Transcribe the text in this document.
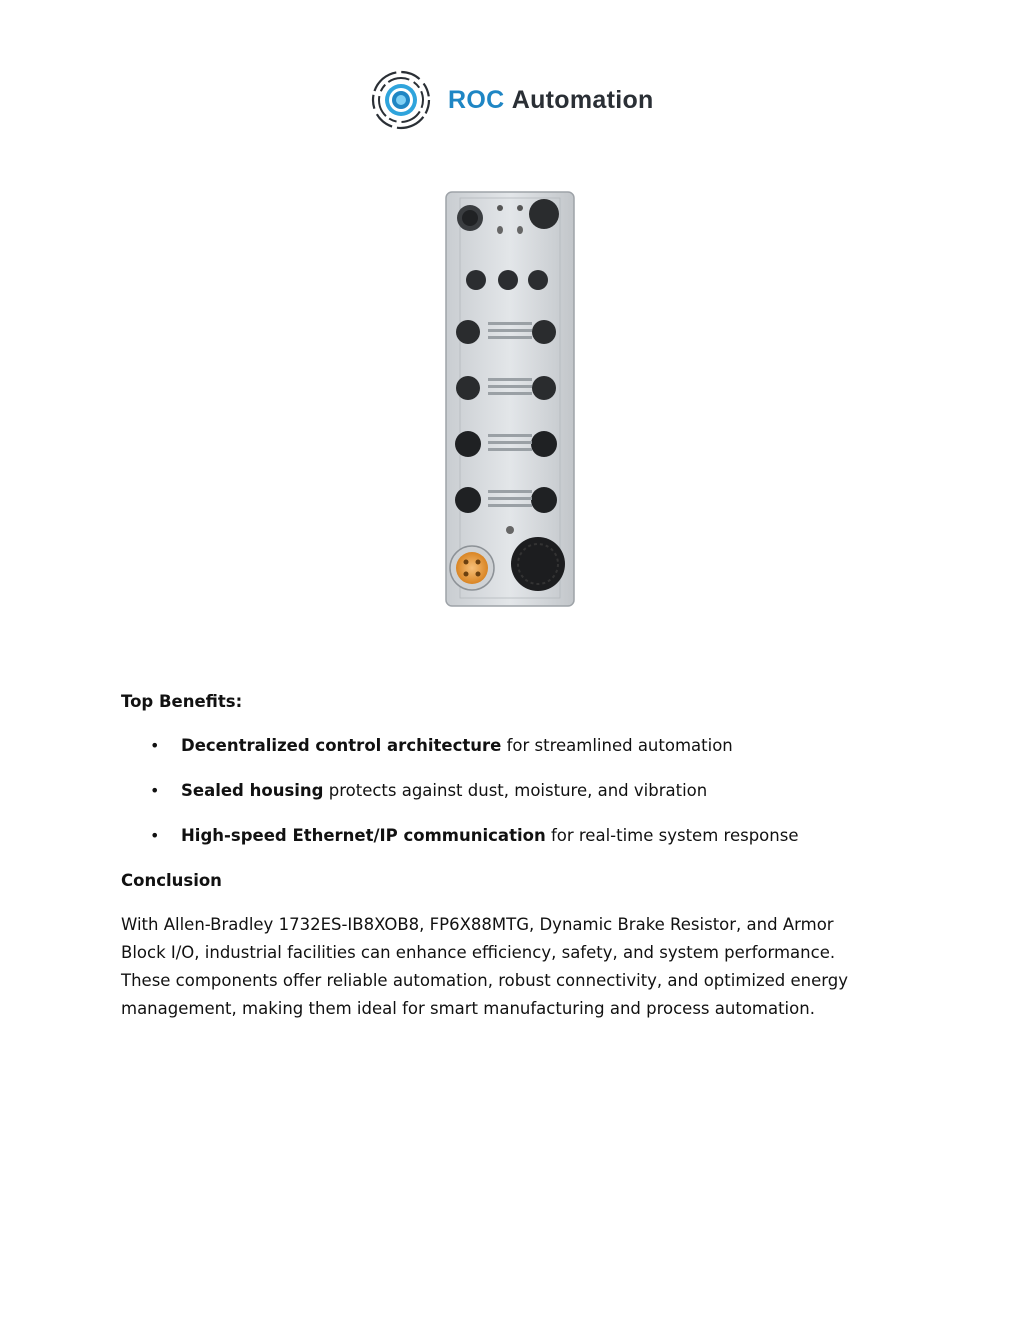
ROC Automation

Top Benefits:

• Decentralized control architecture for streamlined automation
• Sealed housing protects against dust, moisture, and vibration
• High-speed Ethernet/IP communication for real-time system response

Conclusion

With Allen-Bradley 1732ES-IB8XOB8, FP6X88MTG, Dynamic Brake Resistor, and Armor Block I/O, industrial facilities can enhance efficiency, safety, and system performance. These components offer reliable automation, robust connectivity, and optimized energy management, making them ideal for smart manufacturing and process automation.
